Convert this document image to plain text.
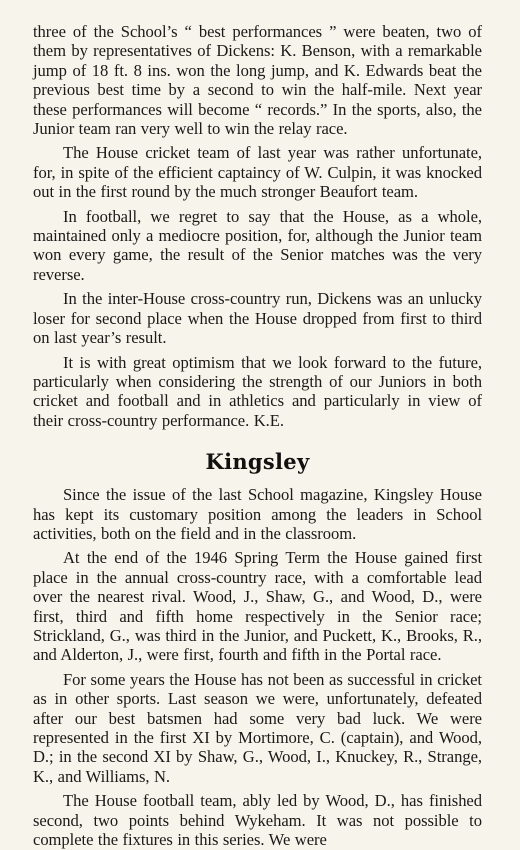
three of the School’s “ best performances ” were beaten, two of them by representatives of Dickens: K. Benson, with a remarkable jump of 18 ft. 8 ins. won the long jump, and K. Edwards beat the previous best time by a second to win the half-mile. Next year these performances will become “ records.” In the sports, also, the Junior team ran very well to win the relay race.

The House cricket team of last year was rather unfortunate, for, in spite of the efficient captaincy of W. Culpin, it was knocked out in the first round by the much stronger Beaufort team.

In football, we regret to say that the House, as a whole, maintained only a mediocre position, for, although the Junior team won every game, the result of the Senior matches was the very reverse.

In the inter-House cross-country run, Dickens was an unlucky loser for second place when the House dropped from first to third on last year’s result.

It is with great optimism that we look forward to the future, particularly when considering the strength of our Juniors in both cricket and football and in athletics and particularly in view of their cross-country performance. K.E.

Kingsley

Since the issue of the last School magazine, Kingsley House has kept its customary position among the leaders in School activities, both on the field and in the classroom.

At the end of the 1946 Spring Term the House gained first place in the annual cross-country race, with a comfortable lead over the nearest rival. Wood, J., Shaw, G., and Wood, D., were first, third and fifth home respectively in the Senior race; Strickland, G., was third in the Junior, and Puckett, K., Brooks, R., and Alderton, J., were first, fourth and fifth in the Portal race.

For some years the House has not been as successful in cricket as in other sports. Last season we were, unfortunately, defeated after our best batsmen had some very bad luck. We were represented in the first XI by Mortimore, C. (captain), and Wood, D.; in the second XI by Shaw, G., Wood, I., Knuckey, R., Strange, K., and Williams, N.

The House football team, ably led by Wood, D., has finished second, two points behind Wykeham. It was not possible to complete the fixtures in this series. We were
